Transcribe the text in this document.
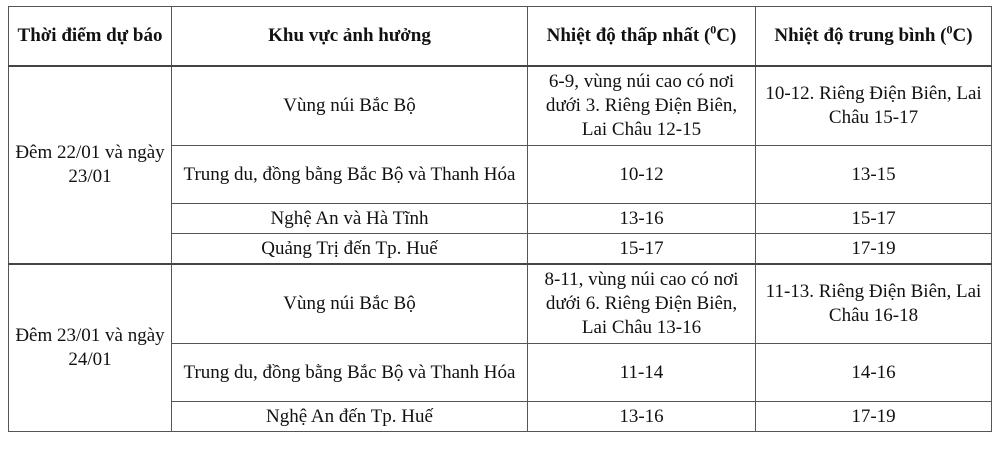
Thời điểm dự báo	Khu vực ảnh hưởng	Nhiệt độ thấp nhất ($^0$C)	Nhiệt độ trung bình ($^0$C)
Đêm 22/01 và ngày 23/01	Vùng núi Bắc Bộ	6-9, vùng núi cao có nơi dưới 3. Riêng Điện Biên, Lai Châu 12-15	10-12. Riêng Điện Biên, Lai Châu 15-17
	Trung du, đồng bằng Bắc Bộ và Thanh Hóa	10-12	13-15
	Nghệ An và Hà Tĩnh	13-16	15-17
	Quảng Trị đến Tp. Huế	15-17	17-19
Đêm 23/01 và ngày 24/01	Vùng núi Bắc Bộ	8-11, vùng núi cao có nơi dưới 6. Riêng Điện Biên, Lai Châu 13-16	11-13. Riêng Điện Biên, Lai Châu 16-18
	Trung du, đồng bằng Bắc Bộ và Thanh Hóa	11-14	14-16
	Nghệ An đến Tp. Huế	13-16	17-19
